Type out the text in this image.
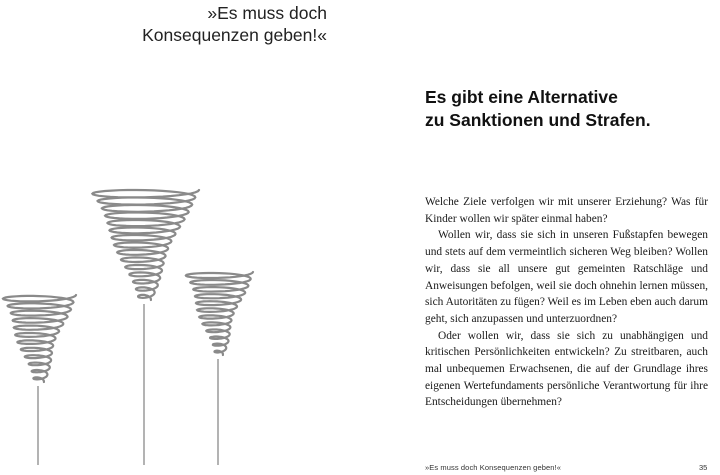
»Es muss doch
Konsequenzen geben!«
Es gibt eine Alternative
zu Sanktionen und Strafen.

Welche Ziele verfolgen wir mit unserer Erziehung? Was für Kinder wollen wir später einmal haben?

Wollen wir, dass sie sich in unseren Fußstapfen bewegen und stets auf dem vermeintlich sicheren Weg bleiben? Wollen wir, dass sie all unsere gut gemeinten Ratschläge und Anweisungen befolgen, weil sie doch ohnehin lernen müssen, sich Autoritäten zu fügen? Weil es im Leben eben auch darum geht, sich anzupassen und unterzuordnen?

Oder wollen wir, dass sie sich zu unabhängigen und kritischen Persönlichkeiten entwickeln? Zu streitbaren, auch mal unbequemen Erwachsenen, die auf der Grundlage ihres eigenen Wertefundaments persönliche Verantwortung für ihre Entscheidungen übernehmen?

»Es muss doch Konsequenzen geben!«	35
